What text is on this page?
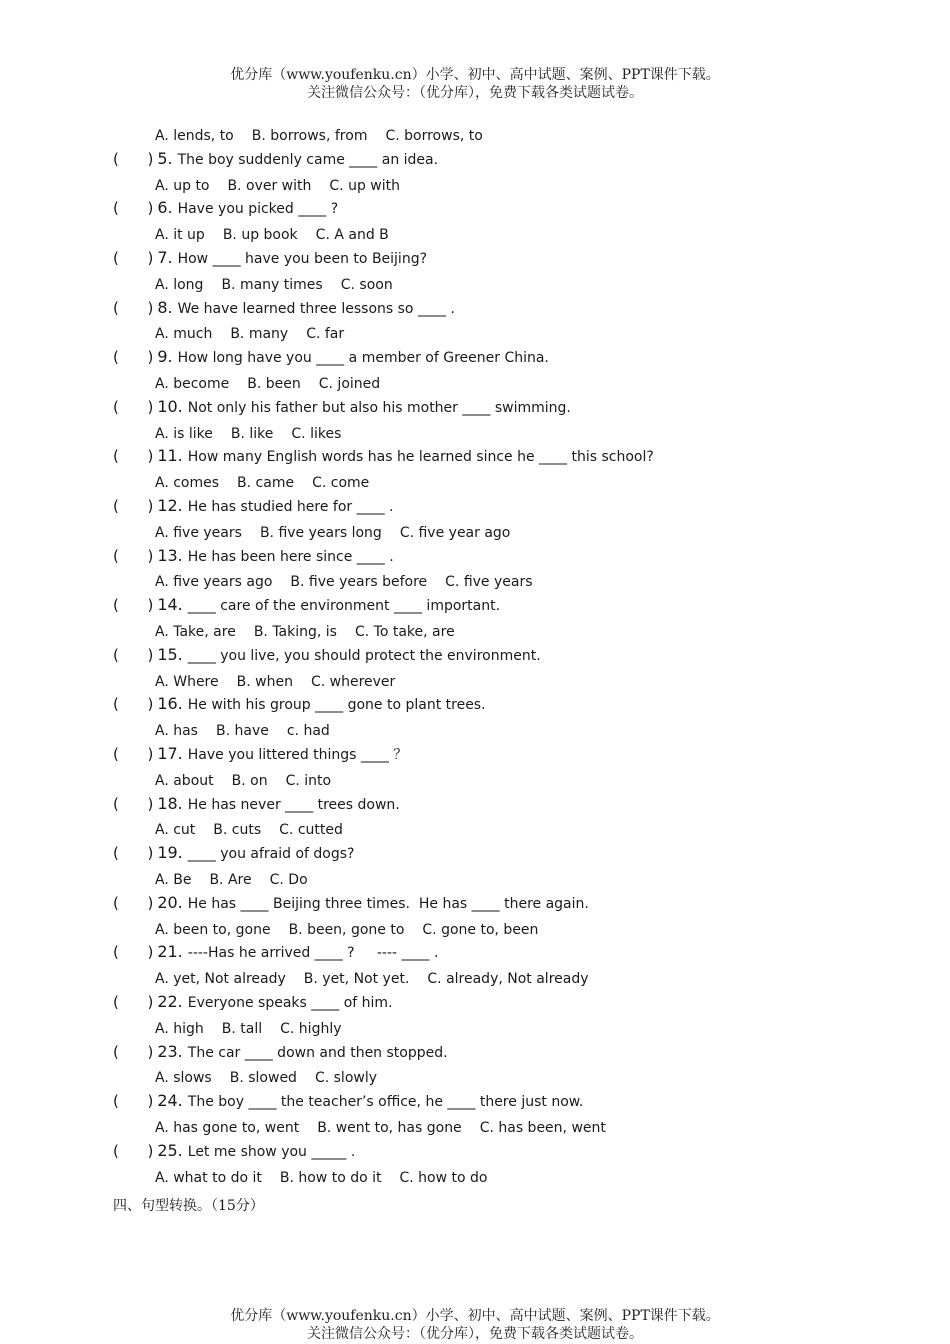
优分库（www.youfenku.cn）小学、初中、高中试题、案例、PPT课件下载。
关注微信公众号：（优分库），免费下载各类试题试卷。
A. lends, to B. borrows, from C. borrows, to
(      ) 5. The boy suddenly came ____ an idea.
A. up to B. over with C. up with
(      ) 6. Have you picked ____ ?
A. it up B. up book C. A and B
(      ) 7. How ____ have you been to Beijing?
A. long B. many times C. soon
(      ) 8. We have learned three lessons so ____ .
A. much B. many C. far
(      ) 9. How long have you ____ a member of Greener China.
A. become B. been C. joined
(      ) 10. Not only his father but also his mother ____ swimming.
A. is like B. like C. likes
(      ) 11. How many English words has he learned since he ____ this school?
A. comes B. came C. come
(      ) 12. He has studied here for ____ .
A. five years B. five years long C. five year ago
(      ) 13. He has been here since ____ .
A. five years ago B. five years before C. five years
(      ) 14. ____ care of the environment ____ important.
A. Take, are B. Taking, is C. To take, are
(      ) 15. ____ you live, you should protect the environment.
A. Where B. when C. wherever
(      ) 16. He with his group ____ gone to plant trees.
A. has B. have c. had
(      ) 17. Have you littered things ____ ？
A. about B. on C. into
(      ) 18. He has never ____ trees down.
A. cut B. cuts C. cutted
(      ) 19. ____ you afraid of dogs?
A. Be B. Are C. Do
(      ) 20. He has ____ Beijing three times.  He has ____ there again.
A. been to, gone B. been, gone to C. gone to, been
(      ) 21. ----Has he arrived ____ ?     ---- ____ .
A. yet, Not already B. yet, Not yet. C. already, Not already
(      ) 22. Everyone speaks ____ of him.
A. high B. tall C. highly
(      ) 23. The car ____ down and then stopped.
A. slows B. slowed C. slowly
(      ) 24. The boy ____ the teacher’s office, he ____ there just now.
A. has gone to, went B. went to, has gone C. has been, went
(      ) 25. Let me show you _____ .
A. what to do it B. how to do it C. how to do
四、句型转换。（15分）
优分库（www.youfenku.cn）小学、初中、高中试题、案例、PPT课件下载。
关注微信公众号：（优分库），免费下载各类试题试卷。
